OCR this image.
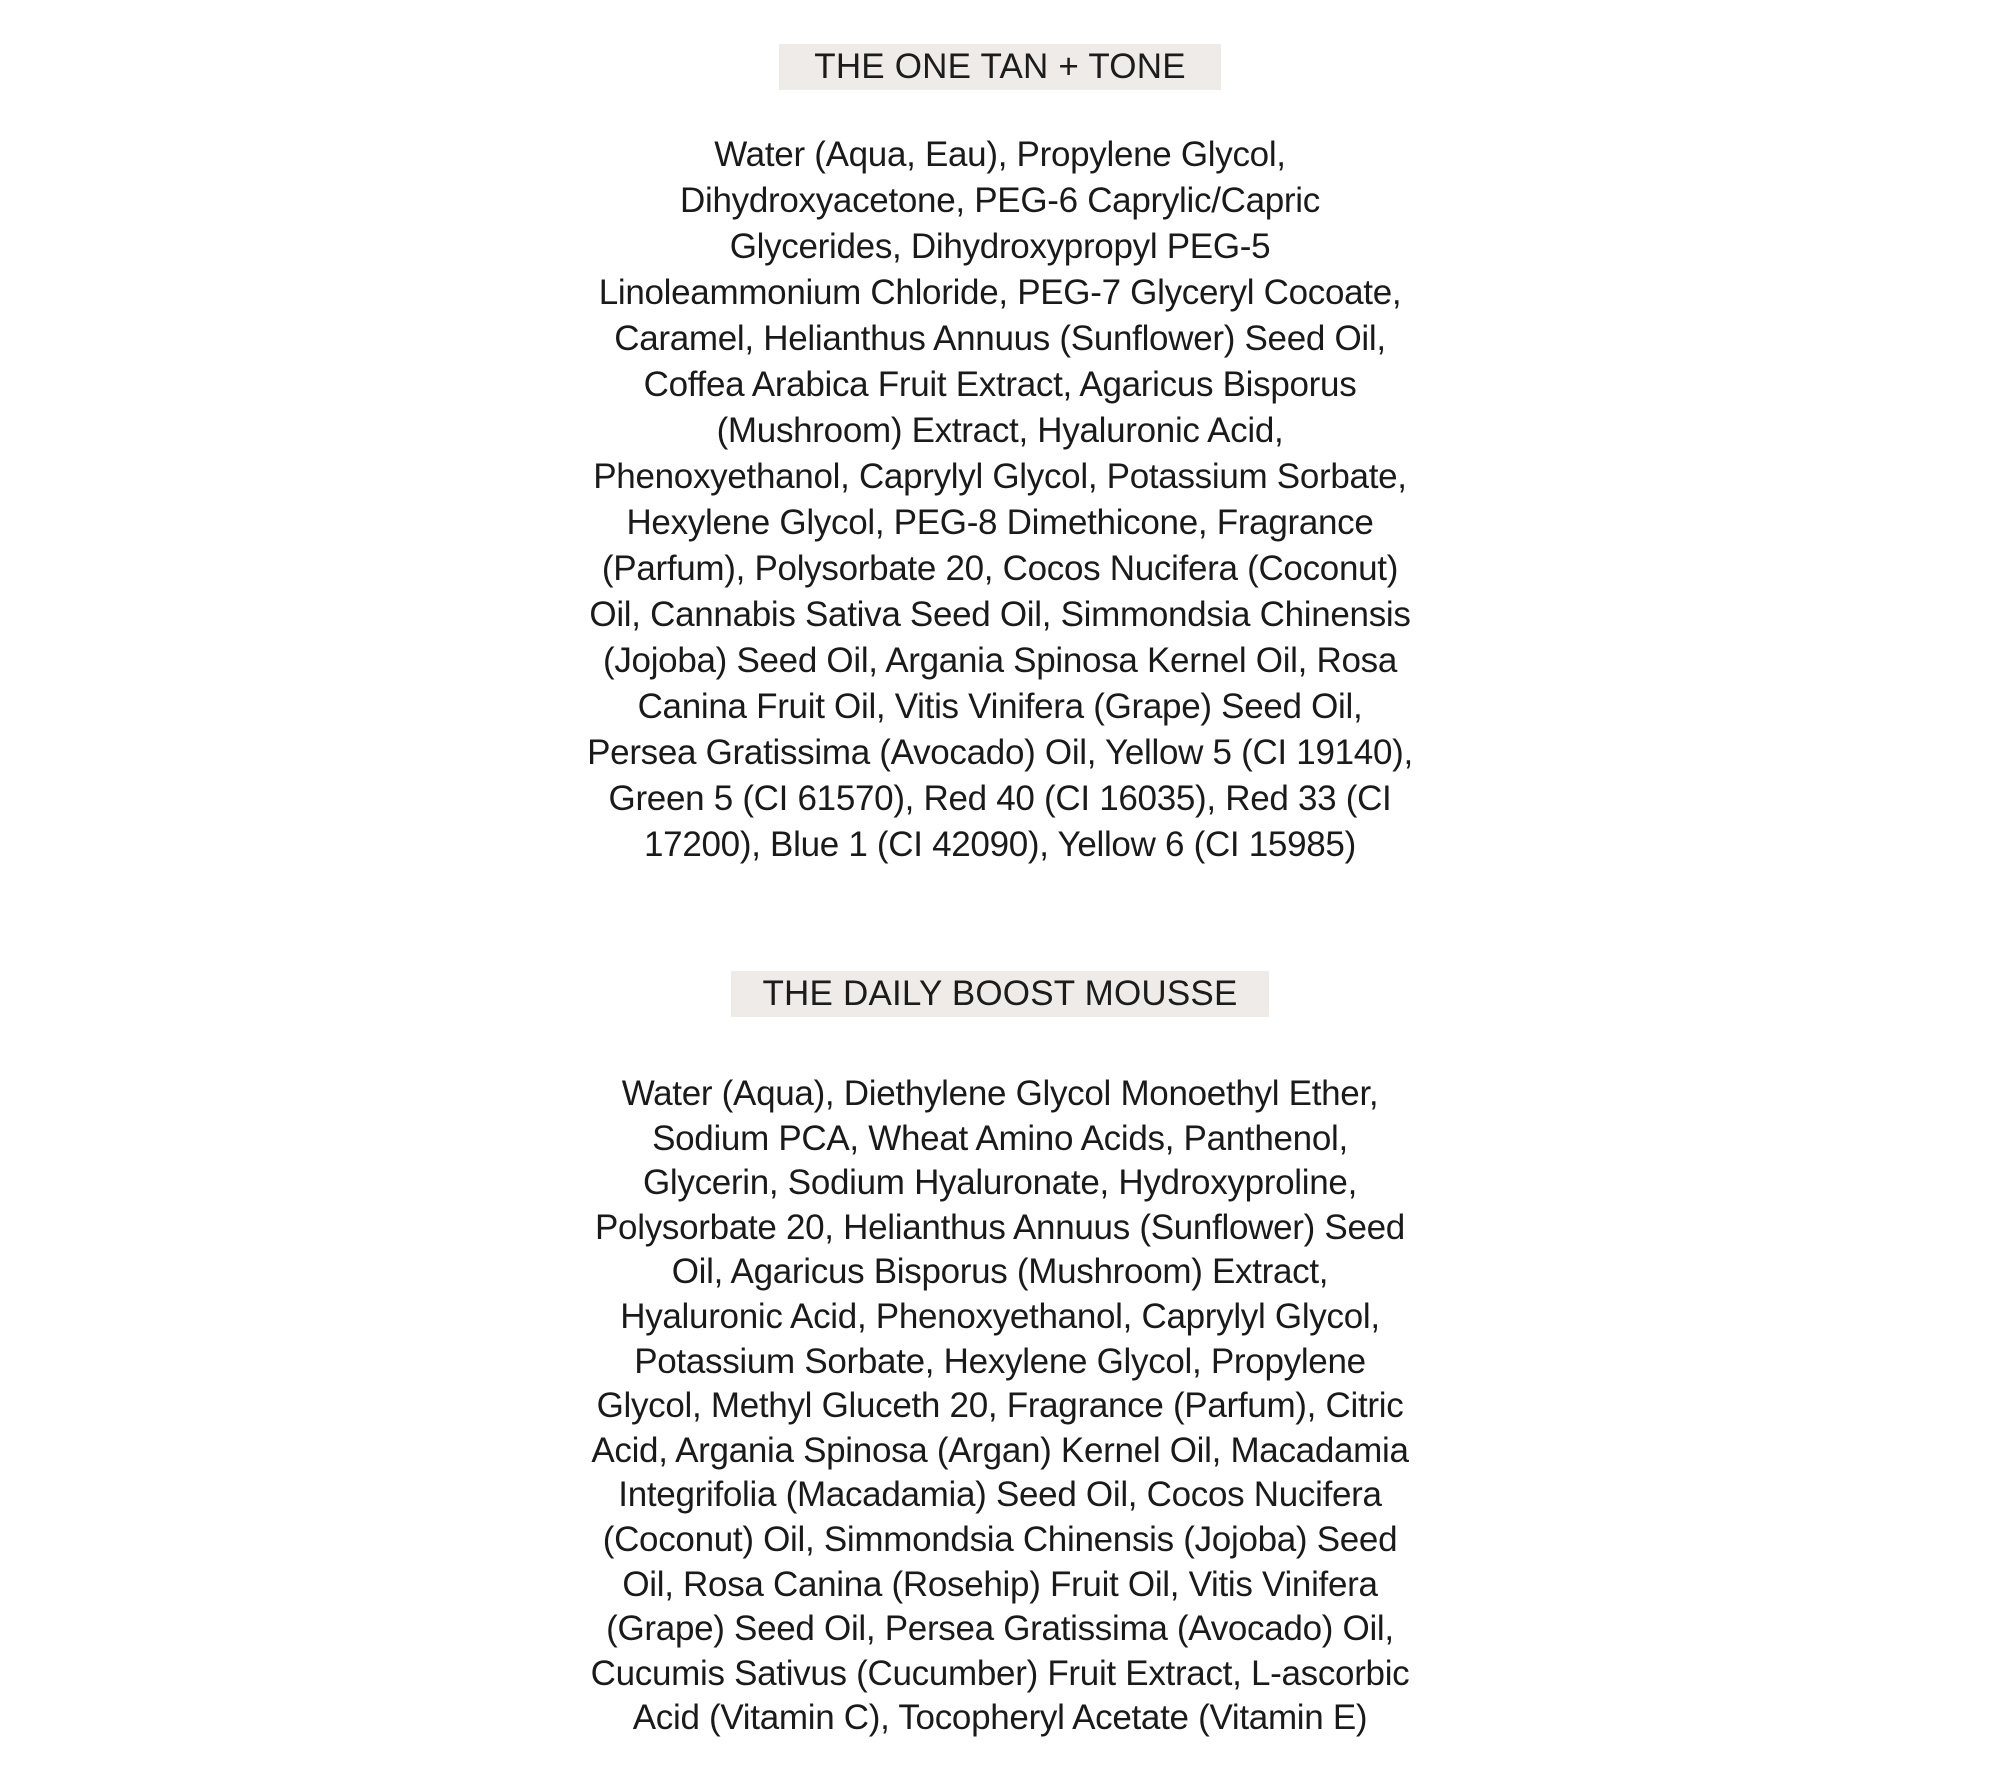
THE ONE TAN + TONE
Water (Aqua, Eau), Propylene Glycol,
Dihydroxyacetone, PEG-6 Caprylic/Capric
Glycerides, Dihydroxypropyl PEG-5
Linoleammonium Chloride, PEG-7 Glyceryl Cocoate,
Caramel, Helianthus Annuus (Sunflower) Seed Oil,
Coffea Arabica Fruit Extract, Agaricus Bisporus
(Mushroom) Extract, Hyaluronic Acid,
Phenoxyethanol, Caprylyl Glycol, Potassium Sorbate,
Hexylene Glycol, PEG-8 Dimethicone, Fragrance
(Parfum), Polysorbate 20, Cocos Nucifera (Coconut)
Oil, Cannabis Sativa Seed Oil, Simmondsia Chinensis
(Jojoba) Seed Oil, Argania Spinosa Kernel Oil, Rosa
Canina Fruit Oil, Vitis Vinifera (Grape) Seed Oil,
Persea Gratissima (Avocado) Oil, Yellow 5 (CI 19140),
Green 5 (CI 61570), Red 40 (CI 16035), Red 33 (CI
17200), Blue 1 (CI 42090), Yellow 6 (CI 15985)
THE DAILY BOOST MOUSSE
Water (Aqua), Diethylene Glycol Monoethyl Ether,
Sodium PCA, Wheat Amino Acids, Panthenol,
Glycerin, Sodium Hyaluronate, Hydroxyproline,
Polysorbate 20, Helianthus Annuus (Sunflower) Seed
Oil, Agaricus Bisporus (Mushroom) Extract,
Hyaluronic Acid, Phenoxyethanol, Caprylyl Glycol,
Potassium Sorbate, Hexylene Glycol, Propylene
Glycol, Methyl Gluceth 20, Fragrance (Parfum), Citric
Acid, Argania Spinosa (Argan) Kernel Oil, Macadamia
Integrifolia (Macadamia) Seed Oil, Cocos Nucifera
(Coconut) Oil, Simmondsia Chinensis (Jojoba) Seed
Oil, Rosa Canina (Rosehip) Fruit Oil, Vitis Vinifera
(Grape) Seed Oil, Persea Gratissima (Avocado) Oil,
Cucumis Sativus (Cucumber) Fruit Extract, L-ascorbic
Acid (Vitamin C), Tocopheryl Acetate (Vitamin E)
